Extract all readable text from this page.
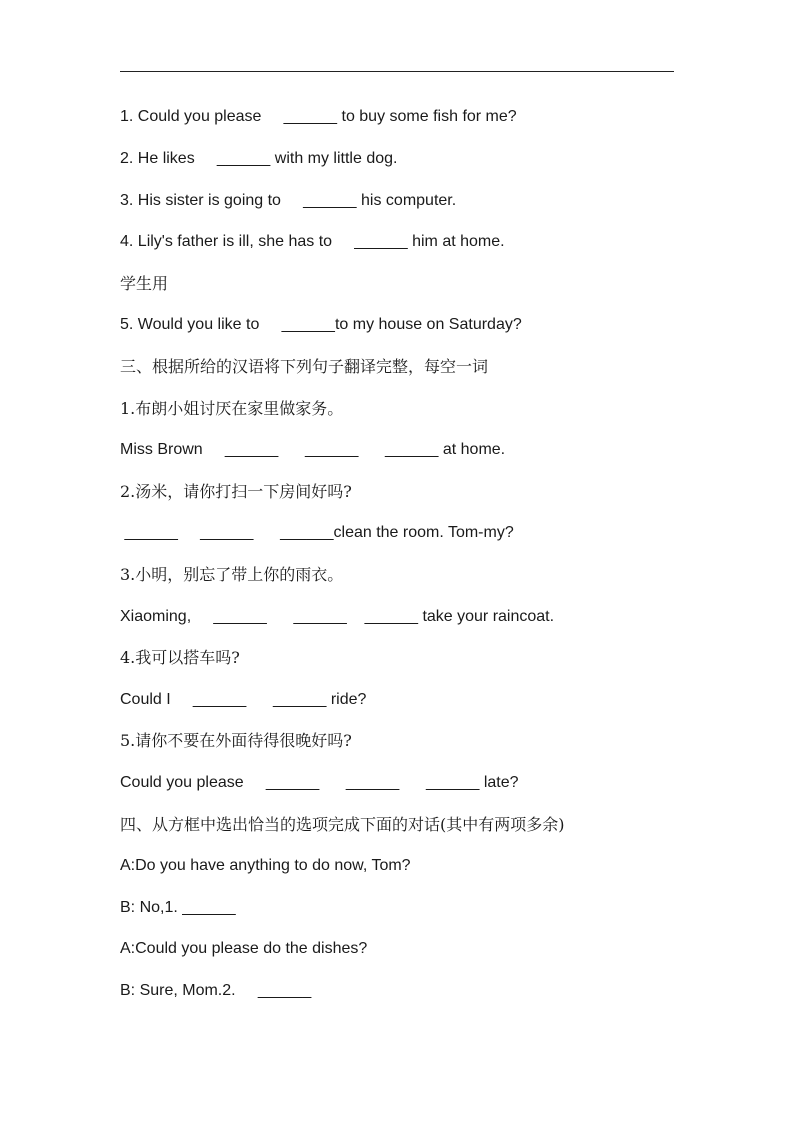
1. Could you please     ______ to buy some fish for me?
2. He likes     ______ with my little dog.
3. His sister is going to     ______ his computer.
4. Lily's father is ill, she has to     ______ him at home.
学生用
5. Would you like to     ______to my house on Saturday?
三、根据所给的汉语将下列句子翻译完整，每空一词
1.布朗小姐讨厌在家里做家务。
Miss Brown     ______      ______      ______ at home.
2.汤米，请你打扫一下房间好吗?
______     ______      ______clean the room. Tom-my?
3.小明，别忘了带上你的雨衣。
Xiaoming,     ______      ______    ______ take your raincoat.
4.我可以搭车吗?
Could I     ______      ______ ride?
5.请你不要在外面待得很晚好吗?
Could you please     ______      ______      ______ late?
四、从方框中选出恰当的选项完成下面的对话(其中有两项多余)
A:Do you have anything to do now, Tom?
B: No,1. ______
A:Could you please do the dishes?
B: Sure, Mom.2.     ______
